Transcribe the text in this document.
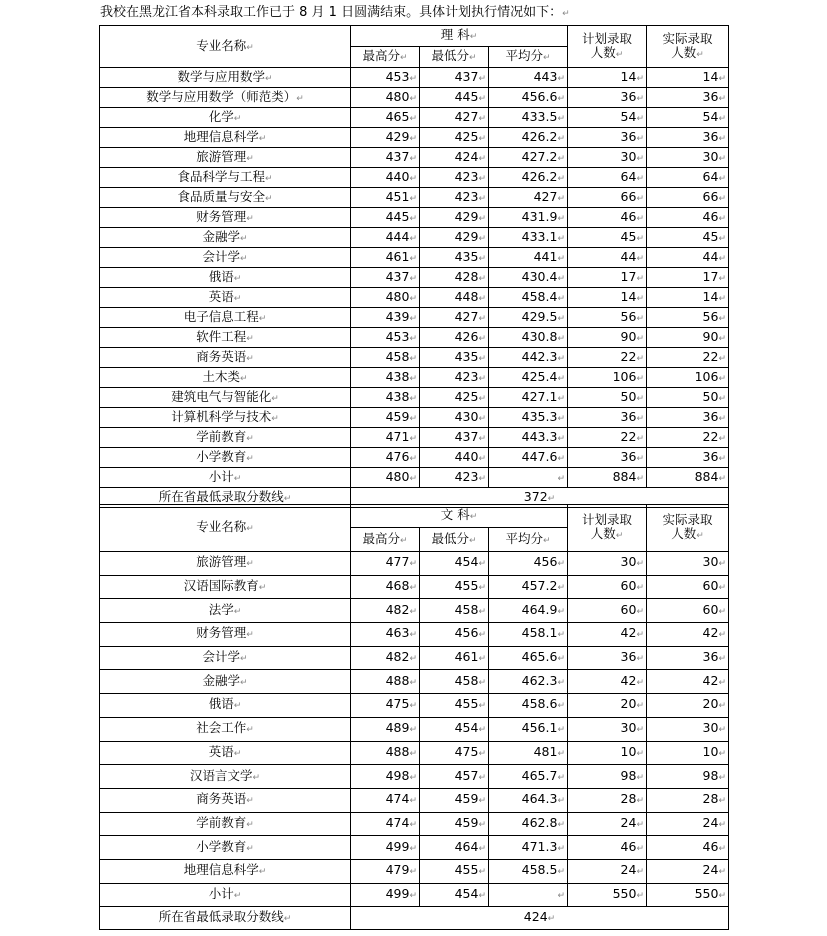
我校在黑龙江省本科录取工作已于 8 月 1 日圆满结束。具体计划执行情况如下：↵
专业名称↵	理 科↵			计划录取
人数↵	实际录取
人数↵
	最高分↵	最低分↵	平均分↵		
数学与应用数学↵	453↵	437↵	443↵	14↵	14↵
数学与应用数学（师范类）↵	480↵	445↵	456.6↵	36↵	36↵
化学↵	465↵	427↵	433.5↵	54↵	54↵
地理信息科学↵	429↵	425↵	426.2↵	36↵	36↵
旅游管理↵	437↵	424↵	427.2↵	30↵	30↵
食品科学与工程↵	440↵	423↵	426.2↵	64↵	64↵
食品质量与安全↵	451↵	423↵	427↵	66↵	66↵
财务管理↵	445↵	429↵	431.9↵	46↵	46↵
金融学↵	444↵	429↵	433.1↵	45↵	45↵
会计学↵	461↵	435↵	441↵	44↵	44↵
俄语↵	437↵	428↵	430.4↵	17↵	17↵
英语↵	480↵	448↵	458.4↵	14↵	14↵
电子信息工程↵	439↵	427↵	429.5↵	56↵	56↵
软件工程↵	453↵	426↵	430.8↵	90↵	90↵
商务英语↵	458↵	435↵	442.3↵	22↵	22↵
土木类↵	438↵	423↵	425.4↵	106↵	106↵
建筑电气与智能化↵	438↵	425↵	427.1↵	50↵	50↵
计算机科学与技术↵	459↵	430↵	435.3↵	36↵	36↵
学前教育↵	471↵	437↵	443.3↵	22↵	22↵
小学教育↵	476↵	440↵	447.6↵	36↵	36↵
小计↵	480↵	423↵	↵	884↵	884↵
所在省最低录取分数线↵	372↵				
专业名称↵	文 科↵			计划录取
人数↵	实际录取
人数↵
	最高分↵	最低分↵	平均分↵		
旅游管理↵	477↵	454↵	456↵	30↵	30↵
汉语国际教育↵	468↵	455↵	457.2↵	60↵	60↵
法学↵	482↵	458↵	464.9↵	60↵	60↵
财务管理↵	463↵	456↵	458.1↵	42↵	42↵
会计学↵	482↵	461↵	465.6↵	36↵	36↵
金融学↵	488↵	458↵	462.3↵	42↵	42↵
俄语↵	475↵	455↵	458.6↵	20↵	20↵
社会工作↵	489↵	454↵	456.1↵	30↵	30↵
英语↵	488↵	475↵	481↵	10↵	10↵
汉语言文学↵	498↵	457↵	465.7↵	98↵	98↵
商务英语↵	474↵	459↵	464.3↵	28↵	28↵
学前教育↵	474↵	459↵	462.8↵	24↵	24↵
小学教育↵	499↵	464↵	471.3↵	46↵	46↵
地理信息科学↵	479↵	455↵	458.5↵	24↵	24↵
小计↵	499↵	454↵	↵	550↵	550↵
所在省最低录取分数线↵	424↵				
